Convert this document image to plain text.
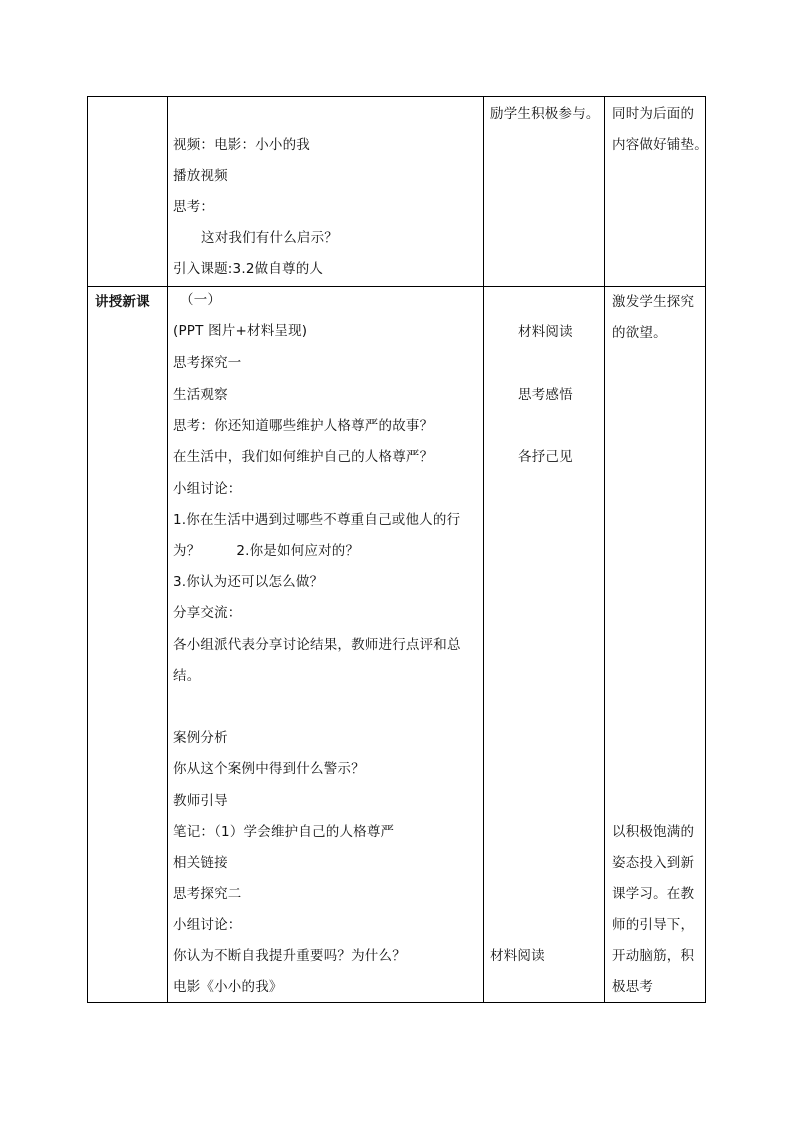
视频：电影：小小的我
播放视频
思考：
这对我们有什么启示？
引入课题:3.2做自尊的人
励学生积极参与。 同时为后面的
内容做好铺垫。
讲授新课 （一）
(PPT 图片+材料呈现)
思考探究一
生活观察
思考：你还知道哪些维护人格尊严的故事？
在生活中，我们如何维护自己的人格尊严？
小组讨论：
1.你在生活中遇到过哪些不尊重自己或他人的行
为？        2.你是如何应对的？
3.你认为还可以怎么做？
分享交流：
各小组派代表分享讨论结果，教师进行点评和总
结。
案例分析
你从这个案例中得到什么警示？
教师引导
笔记：（1）学会维护自己的人格尊严
相关链接
思考探究二
小组讨论：
你认为不断自我提升重要吗？为什么？
电影《小小的我》
材料阅读
思考感悟
各抒己见
材料阅读
激发学生探究
的欲望。
以积极饱满的
姿态投入到新
课学习。在教
师的引导下，
开动脑筋，积
极思考
